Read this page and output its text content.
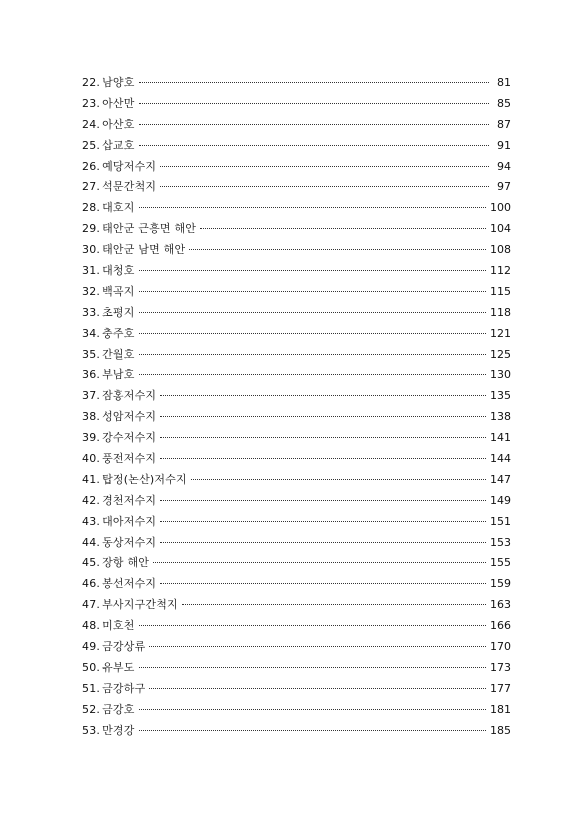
22. 남양호	81
23. 아산만	85
24. 아산호	87
25. 삽교호	91
26. 예당저수지	94
27. 석문간척지	97
28. 대호지	100
29. 태안군 근흥면 해안	104
30. 태안군 남면 해안	108
31. 대청호	112
32. 백곡지	115
33. 초평지	118
34. 충주호	121
35. 간월호	125
36. 부남호	130
37. 잠홍저수지	135
38. 성암저수지	138
39. 강수저수지	141
40. 풍전저수지	144
41. 탑정(논산)저수지	147
42. 경천저수지	149
43. 대아저수지	151
44. 동상저수지	153
45. 장항 해안	155
46. 봉선저수지	159
47. 부사지구간척지	163
48. 미호천	166
49. 금강상류	170
50. 유부도	173
51. 금강하구	177
52. 금강호	181
53. 만경강	185
